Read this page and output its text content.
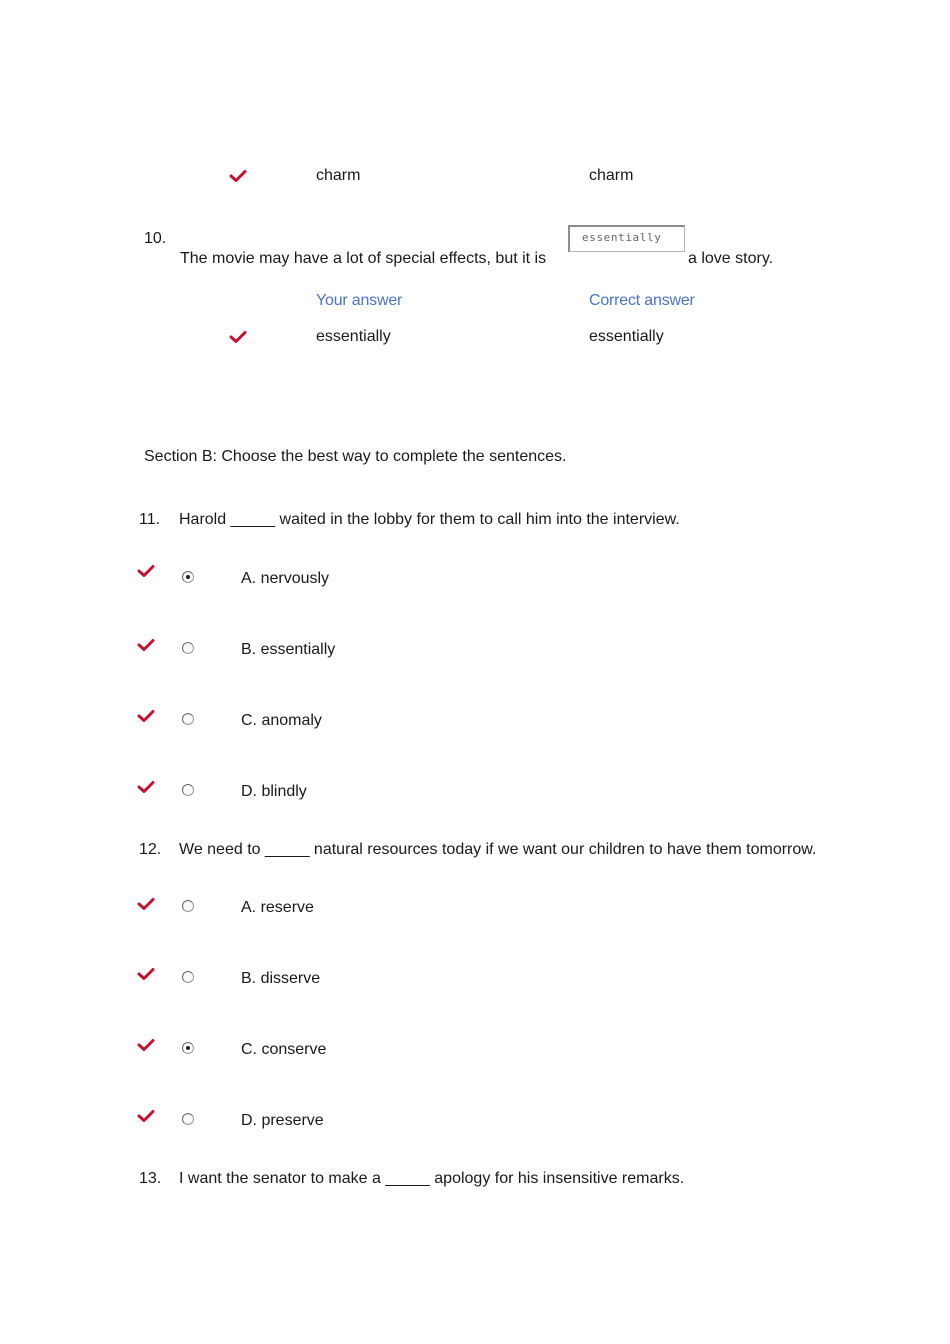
charm	charm
10.
The movie may have a lot of special effects, but it is
essentially
a love story.
Your answer	Correct answer
essentially	essentially
Section B: Choose the best way to complete the sentences.
11. Harold _____ waited in the lobby for them to call him into the interview.
A. nervously
B. essentially
C. anomaly
D. blindly
12. We need to _____ natural resources today if we want our children to have them tomorrow.
A. reserve
B. disserve
C. conserve
D. preserve
13. I want the senator to make a _____ apology for his insensitive remarks.
